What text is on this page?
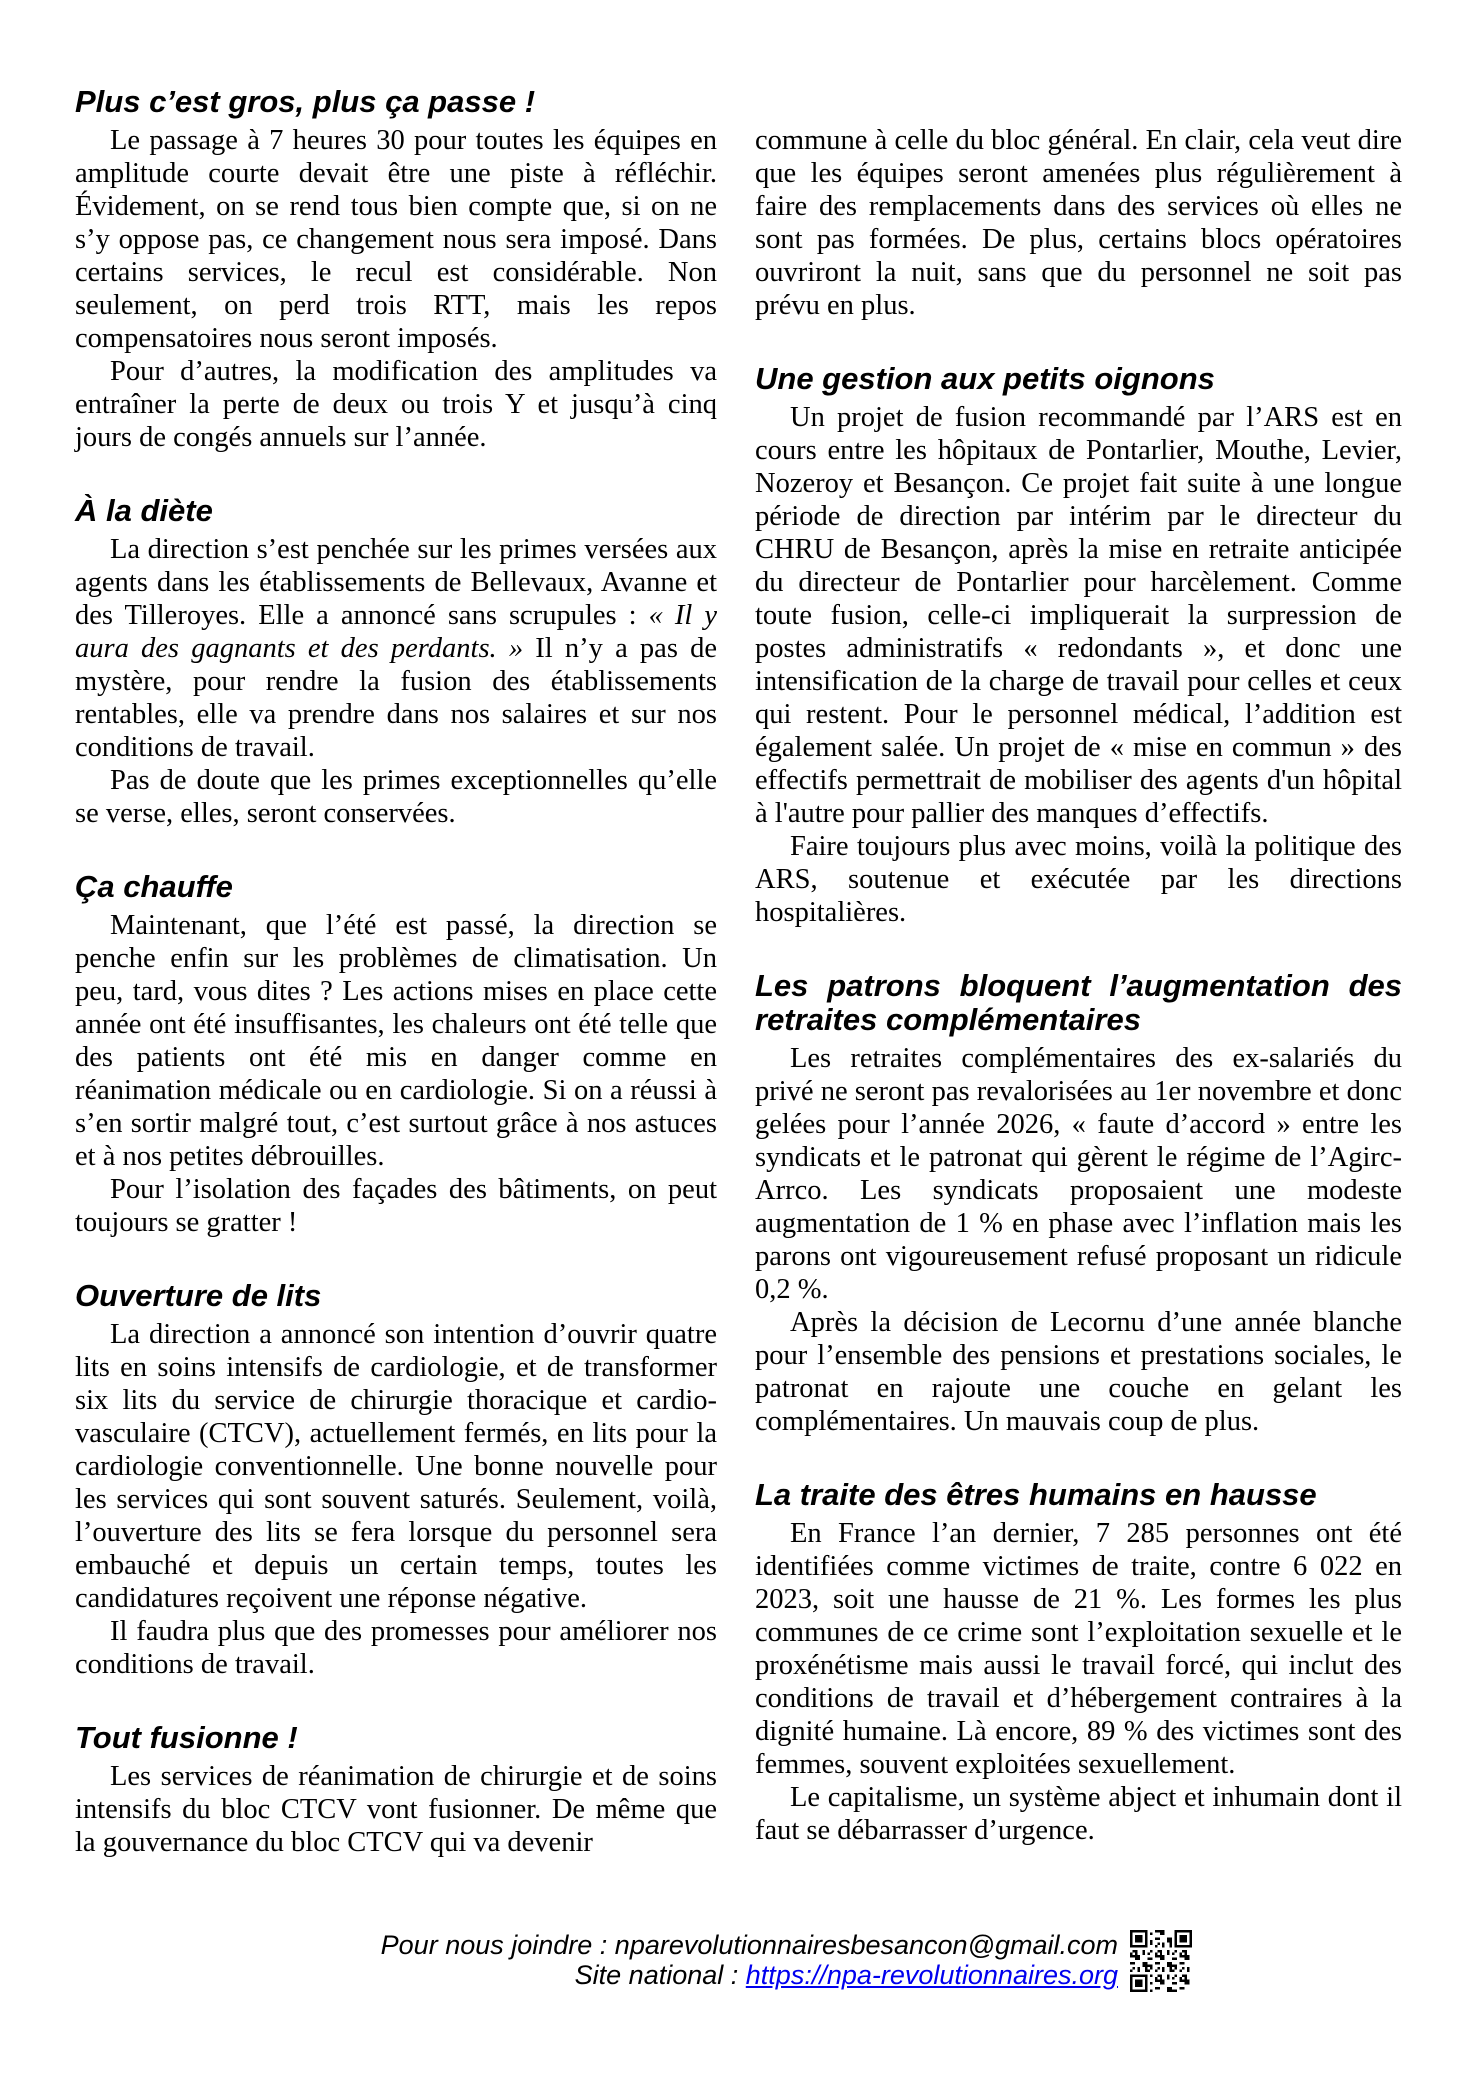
Plus c’est gros, plus ça passe !

Le passage à 7 heures 30 pour toutes les équipes en amplitude courte devait être une piste à réfléchir. Évidement, on se rend tous bien compte que, si on ne s’y oppose pas, ce changement nous sera imposé. Dans certains services, le recul est considérable. Non seulement, on perd trois RTT, mais les repos compensatoires nous seront imposés.

Pour d’autres, la modification des amplitudes va entraîner la perte de deux ou trois Y et jusqu’à cinq jours de congés annuels sur l’année.

À la diète

La direction s’est penchée sur les primes versées aux agents dans les établissements de Bellevaux, Avanne et des Tilleroyes. Elle a annoncé sans scrupules : « Il y aura des gagnants et des perdants. » Il n’y a pas de mystère, pour rendre la fusion des établissements rentables, elle va prendre dans nos salaires et sur nos conditions de travail.

Pas de doute que les primes exceptionnelles qu’elle se verse, elles, seront conservées.

Ça chauffe

Maintenant, que l’été est passé, la direction se penche enfin sur les problèmes de climatisation. Un peu, tard, vous dites ? Les actions mises en place cette année ont été insuffisantes, les chaleurs ont été telle que des patients ont été mis en danger comme en réanimation médicale ou en cardiologie. Si on a réussi à s’en sortir malgré tout, c’est surtout grâce à nos astuces et à nos petites débrouilles.

Pour l’isolation des façades des bâtiments, on peut toujours se gratter !

Ouverture de lits

La direction a annoncé son intention d’ouvrir quatre lits en soins intensifs de cardiologie, et de transformer six lits du service de chirurgie thoracique et cardio-vasculaire (CTCV), actuellement fermés, en lits pour la cardiologie conventionnelle. Une bonne nouvelle pour les services qui sont souvent saturés. Seulement, voilà, l’ouverture des lits se fera lorsque du personnel sera embauché et depuis un certain temps, toutes les candidatures reçoivent une réponse négative.

Il faudra plus que des promesses pour améliorer nos conditions de travail.

Tout fusionne !

Les services de réanimation de chirurgie et de soins intensifs du bloc CTCV vont fusionner. De même que la gouvernance du bloc CTCV qui va devenir

commune à celle du bloc général. En clair, cela veut dire que les équipes seront amenées plus régulièrement à faire des remplacements dans des services où elles ne sont pas formées. De plus, certains blocs opératoires ouvriront la nuit, sans que du personnel ne soit pas prévu en plus.

Une gestion aux petits oignons

Un projet de fusion recommandé par l’ARS est en cours entre les hôpitaux de Pontarlier, Mouthe, Levier, Nozeroy et Besançon. Ce projet fait suite à une longue période de direction par intérim par le directeur du CHRU de Besançon, après la mise en retraite anticipée du directeur de Pontarlier pour harcèlement. Comme toute fusion, celle-ci impliquerait la surpression de postes administratifs « redondants », et donc une intensification de la charge de travail pour celles et ceux qui restent. Pour le personnel médical, l’addition est également salée. Un projet de « mise en commun » des effectifs permettrait de mobiliser des agents d'un hôpital à l'autre pour pallier des manques d’effectifs.

Faire toujours plus avec moins, voilà la politique des ARS, soutenue et exécutée par les directions hospitalières.

Les patrons bloquent l’augmentation des retraites complémentaires

Les retraites complémentaires des ex-salariés du privé ne seront pas revalorisées au 1er novembre et donc gelées pour l’année 2026, « faute d’accord » entre les syndicats et le patronat qui gèrent le régime de l’Agirc-Arrco. Les syndicats proposaient une modeste augmentation de 1 % en phase avec l’inflation mais les parons ont vigoureusement refusé proposant un ridicule 0,2 %.

Après la décision de Lecornu d’une année blanche pour l’ensemble des pensions et prestations sociales, le patronat en rajoute une couche en gelant les complémentaires. Un mauvais coup de plus.

La traite des êtres humains en hausse

En France l’an dernier, 7 285 personnes ont été identifiées comme victimes de traite, contre 6 022 en 2023, soit une hausse de 21 %. Les formes les plus communes de ce crime sont l’exploitation sexuelle et le proxénétisme mais aussi le travail forcé, qui inclut des conditions de travail et d’hébergement contraires à la dignité humaine. Là encore, 89 % des victimes sont des femmes, souvent exploitées sexuellement.

Le capitalisme, un système abject et inhumain dont il faut se débarrasser d’urgence.

Pour nous joindre : nparevolutionnairesbesancon@gmail.com
Site national : https://npa-revolutionnaires.org
